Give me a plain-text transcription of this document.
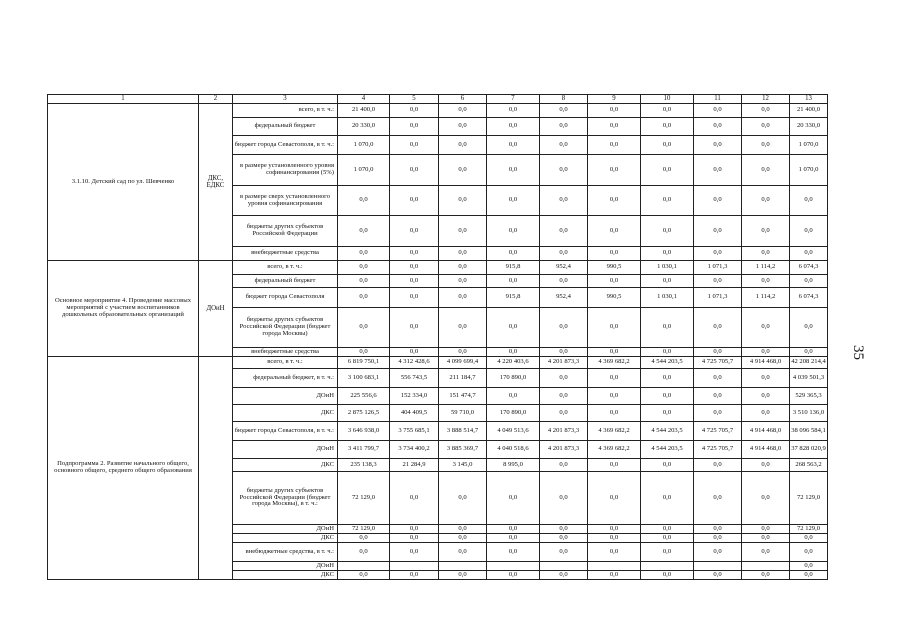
1	2	3	4	5	6	7	8	9	10	11	12	13
3.1.10. Детский сад по ул. Шевченко	ДКС, ЕДКС	всего, в т. ч.:	21 400,0	0,0	0,0	0,0	0,0	0,0	0,0	0,0	0,0	21 400,0
		федеральный бюджет	20 330,0	0,0	0,0	0,0	0,0	0,0	0,0	0,0	0,0	20 330,0
		бюджет города Севастополя, в т. ч.:	1 070,0	0,0	0,0	0,0	0,0	0,0	0,0	0,0	0,0	1 070,0
		в размере установленного уровня софинансирования (5%)	1 070,0	0,0	0,0	0,0	0,0	0,0	0,0	0,0	0,0	1 070,0
		в размере сверх установленного уровня софинансирования	0,0	0,0	0,0	0,0	0,0	0,0	0,0	0,0	0,0	0,0
		бюджеты других субъектов Российской Федерации	0,0	0,0	0,0	0,0	0,0	0,0	0,0	0,0	0,0	0,0
		внебюджетные средства	0,0	0,0	0,0	0,0	0,0	0,0	0,0	0,0	0,0	0,0
Основное мероприятие 4. Проведение массовых мероприятий с участием воспитанников дошкольных образовательных организаций	ДОиН	всего, в т. ч.:	0,0	0,0	0,0	915,8	952,4	990,5	1 030,1	1 071,3	1 114,2	6 074,3
		федеральный бюджет	0,0	0,0	0,0	0,0	0,0	0,0	0,0	0,0	0,0	0,0
		бюджет города Севастополя	0,0	0,0	0,0	915,8	952,4	990,5	1 030,1	1 071,3	1 114,2	6 074,3
		бюджеты других субъектов Российской Федерации (бюджет города Москвы)	0,0	0,0	0,0	0,0	0,0	0,0	0,0	0,0	0,0	0,0
		внебюджетные средства	0,0	0,0	0,0	0,0	0,0	0,0	0,0	0,0	0,0	0,0
Подпрограмма 2. Развитие начального общего, основного общего, среднего общего образования		всего, в т. ч.:	6 819 750,1	4 312 428,6	4 099 699,4	4 220 403,6	4 201 873,3	4 369 682,2	4 544 203,5	4 725 705,7	4 914 468,0	42 208 214,4
		федеральный бюджет, в т. ч.:	3 100 683,1	556 743,5	211 184,7	170 890,0	0,0	0,0	0,0	0,0	0,0	4 039 501,3
		ДОиН	225 556,6	152 334,0	151 474,7	0,0	0,0	0,0	0,0	0,0	0,0	529 365,3
		ДКС	2 875 126,5	404 409,5	59 710,0	170 890,0	0,0	0,0	0,0	0,0	0,0	3 510 136,0
		бюджет города Севастополя, в т. ч.:	3 646 938,0	3 755 685,1	3 888 514,7	4 049 513,6	4 201 873,3	4 369 682,2	4 544 203,5	4 725 705,7	4 914 468,0	38 096 584,1
		ДОиН	3 411 799,7	3 734 400,2	3 885 369,7	4 040 518,6	4 201 873,3	4 369 682,2	4 544 203,5	4 725 705,7	4 914 468,0	37 828 020,9
		ДКС	235 138,3	21 284,9	3 145,0	8 995,0	0,0	0,0	0,0	0,0	0,0	268 563,2
		бюджеты других субъектов Российской Федерации (бюджет города Москвы), в т. ч.:	72 129,0	0,0	0,0	0,0	0,0	0,0	0,0	0,0	0,0	72 129,0
		ДОиН	72 129,0	0,0	0,0	0,0	0,0	0,0	0,0	0,0	0,0	72 129,0
		ДКС	0,0	0,0	0,0	0,0	0,0	0,0	0,0	0,0	0,0	0,0
		внебюджетные средства, в т. ч.:	0,0	0,0	0,0	0,0	0,0	0,0	0,0	0,0	0,0	0,0
		ДОиН										0,0
		ДКС	0,0	0,0	0,0	0,0	0,0	0,0	0,0	0,0	0,0	0,0
35
